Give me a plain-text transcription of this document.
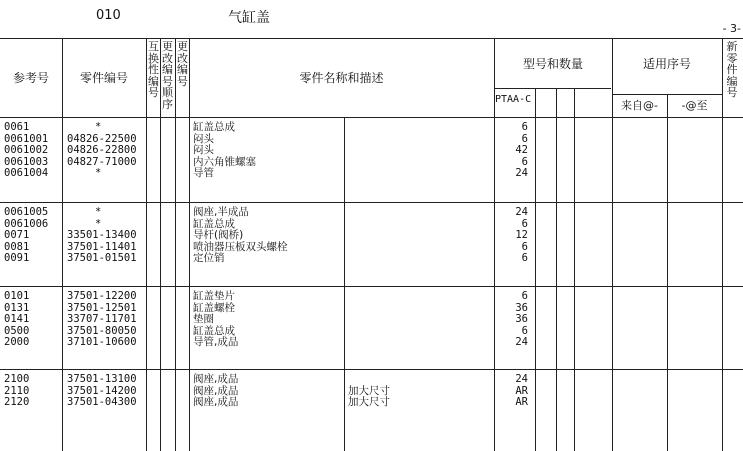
010	气缸盖
- 3-
参考号	零件编号
互
换
性
编
号
更
改
编
号
顺
序
更
改
编
号	零件名称和描述
型号和数量
PTAA-C
适用序号
来自@-	-@至
新
零
件
编
号
0061	*	缸盖总成	6
0061001 04826-22500	闷头	6
0061002 04826-22800	闷头	42
0061003 04827-71000	内六角锥螺塞	6
0061004	*	导管	24
0061005	*	阀座,半成品	24
0061006	*	缸盖总成	6
0071	33501-13400	导杆(阀桥)	12
0081	37501-11401	喷油器压板双头螺栓	6
0091	37501-01501	定位销	6
0101	37501-12200	缸盖垫片	6
0131	37501-12501	缸盖螺栓	36
0141	33707-11701	垫圈	36
0500	37501-80050	缸盖总成	6
2000	37101-10600	导管,成品	24
2100	37501-13100	阀座,成品	24
2110	37501-14200	阀座,成品	加大尺寸	AR
2120	37501-04300	阀座,成品	加大尺寸	AR
